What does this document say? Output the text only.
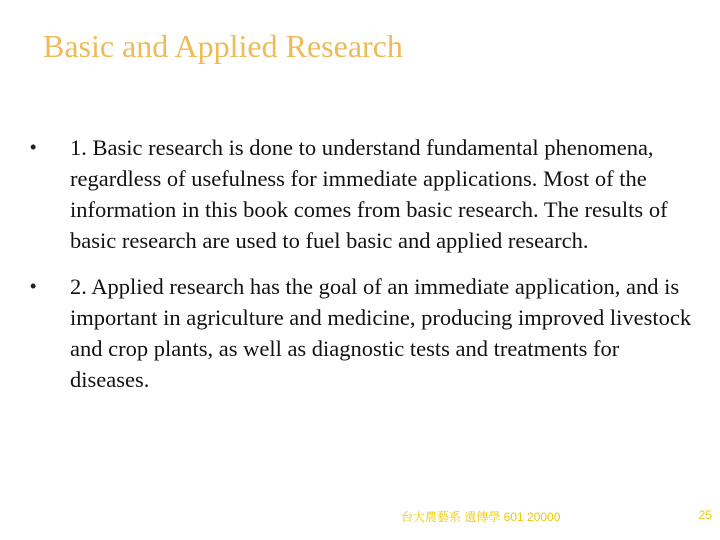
Basic and Applied Research
• 1. Basic research is done to understand fundamental phenomena, regardless of usefulness for immediate applications. Most of the information in this book comes from basic research. The results of basic research are used to fuel basic and applied research.
• 2. Applied research has the goal of an immediate application, and is important in agriculture and medicine, producing improved livestock and crop plants, as well as diagnostic tests and treatments for diseases.
台大農藝系 遺傳學 601 20000	25
